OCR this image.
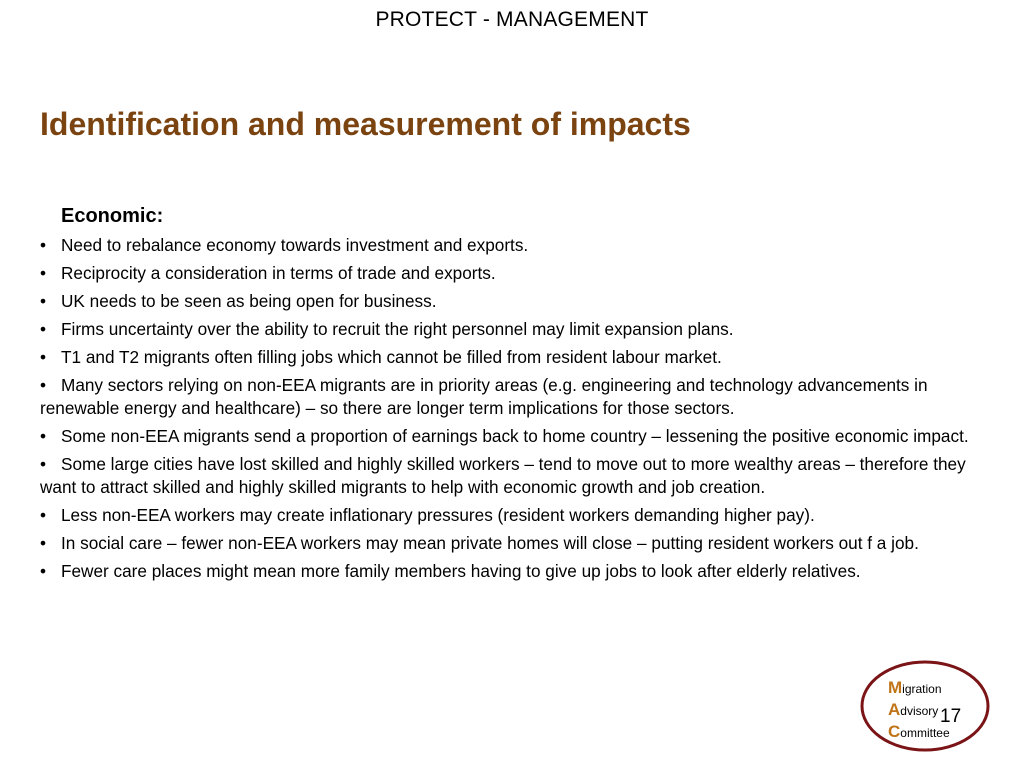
PROTECT - MANAGEMENT
Identification and measurement of impacts
Economic:
• Need to rebalance economy towards investment and exports.
• Reciprocity a consideration in terms of trade and exports.
• UK needs to be seen as being open for business.
• Firms uncertainty over the ability to recruit the right personnel may limit expansion plans.
• T1 and T2 migrants often filling jobs which cannot be filled from resident labour market.
• Many sectors relying on non-EEA migrants are in priority areas (e.g. engineering and technology advancements in renewable energy and healthcare) – so there are longer term implications for those sectors.
• Some non-EEA migrants send a proportion of earnings back to home country – lessening the positive economic impact.
• Some large cities have lost skilled and highly skilled workers – tend to move out to more wealthy areas – therefore they want to attract skilled and highly skilled migrants to help with economic growth and job creation.
• Less non-EEA workers may create inflationary pressures (resident workers demanding higher pay).
• In social care – fewer non-EEA workers may mean private homes will close – putting resident workers out f a job.
• Fewer care places might mean more family members having to give up jobs to look after elderly relatives.
Migration
Advisory
Committee
17
